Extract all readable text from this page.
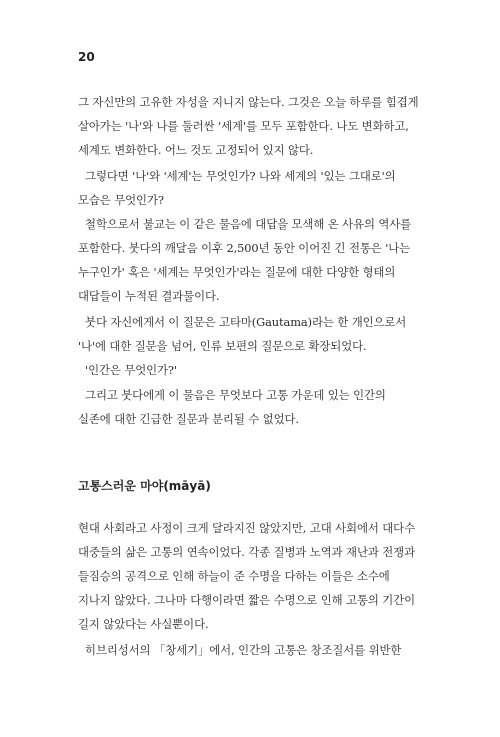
20
그 자신만의 고유한 자성을 지니지 않는다. 그것은 오늘 하루를 힘겹게
살아가는 '나'와 나를 둘러싼 '세계'를 모두 포함한다. 나도 변화하고,
세계도 변화한다. 어느 것도 고정되어 있지 않다.
그렇다면 '나'와 '세계'는 무엇인가? 나와 세계의 '있는 그대로'의
모습은 무엇인가?
철학으로서 불교는 이 같은 물음에 대답을 모색해 온 사유의 역사를
포함한다. 붓다의 깨달음 이후 2,500년 동안 이어진 긴 전통은 '나는
누구인가' 혹은 '세계는 무엇인가'라는 질문에 대한 다양한 형태의
대답들이 누적된 결과물이다.
붓다 자신에게서 이 질문은 고타마(Gautama)라는 한 개인으로서
'나'에 대한 질문을 넘어, 인류 보편의 질문으로 확장되었다.
'인간은 무엇인가?'
그리고 붓다에게 이 물음은 무엇보다 고통 가운데 있는 인간의
실존에 대한 긴급한 질문과 분리될 수 없었다.
고통스러운 마야(māyā)
현대 사회라고 사정이 크게 달라지진 않았지만, 고대 사회에서 대다수
대중들의 삶은 고통의 연속이었다. 각종 질병과 노역과 재난과 전쟁과
들짐승의 공격으로 인해 하늘이 준 수명을 다하는 이들은 소수에
지나지 않았다. 그나마 다행이라면 짧은 수명으로 인해 고통의 기간이
길지 않았다는 사실뿐이다.
히브리성서의 「창세기」에서, 인간의 고통은 창조질서를 위반한
